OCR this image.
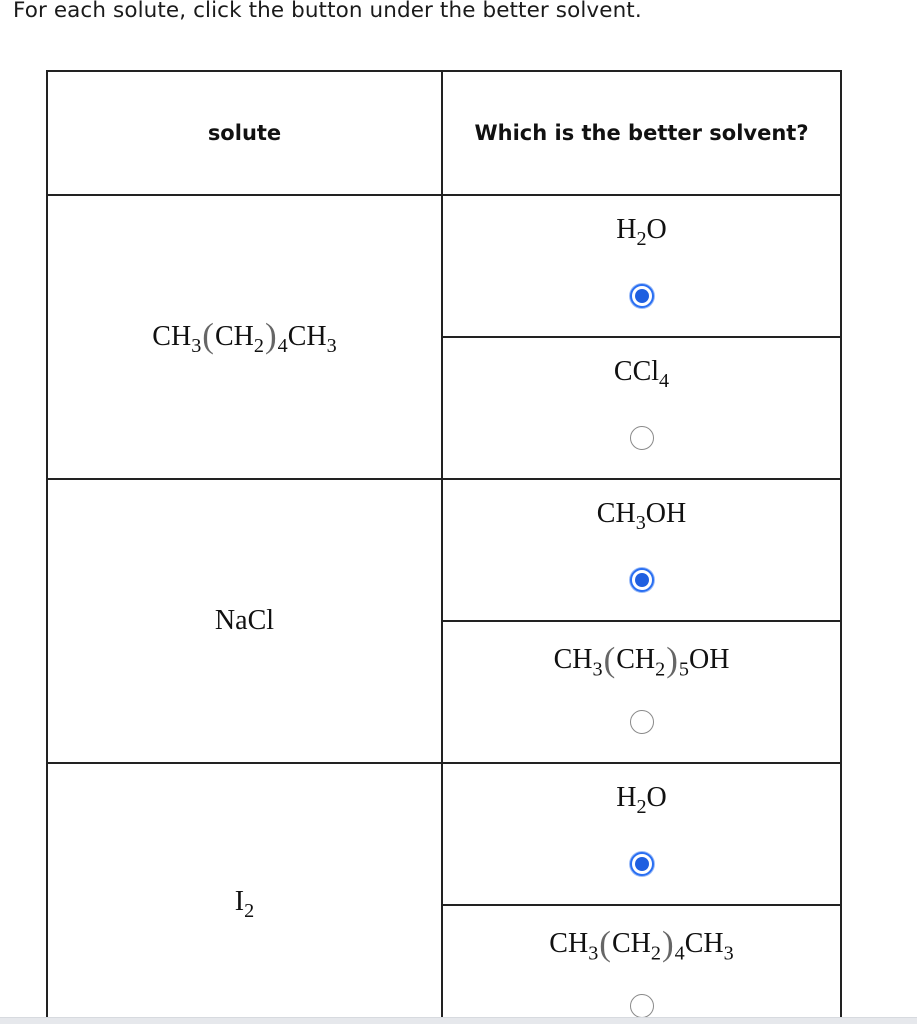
For each solute, click the button under the better solvent.
solute	Which is the better solvent?
$CH_3(CH_2)_4CH_3$	$H_2O$

	CCl$_4$

NaCl	$CH_3OH$

	$CH_3(CH_2)_5OH$

$I_2$	$H_2O$

	$CH_3(CH_2)_4CH_3$
